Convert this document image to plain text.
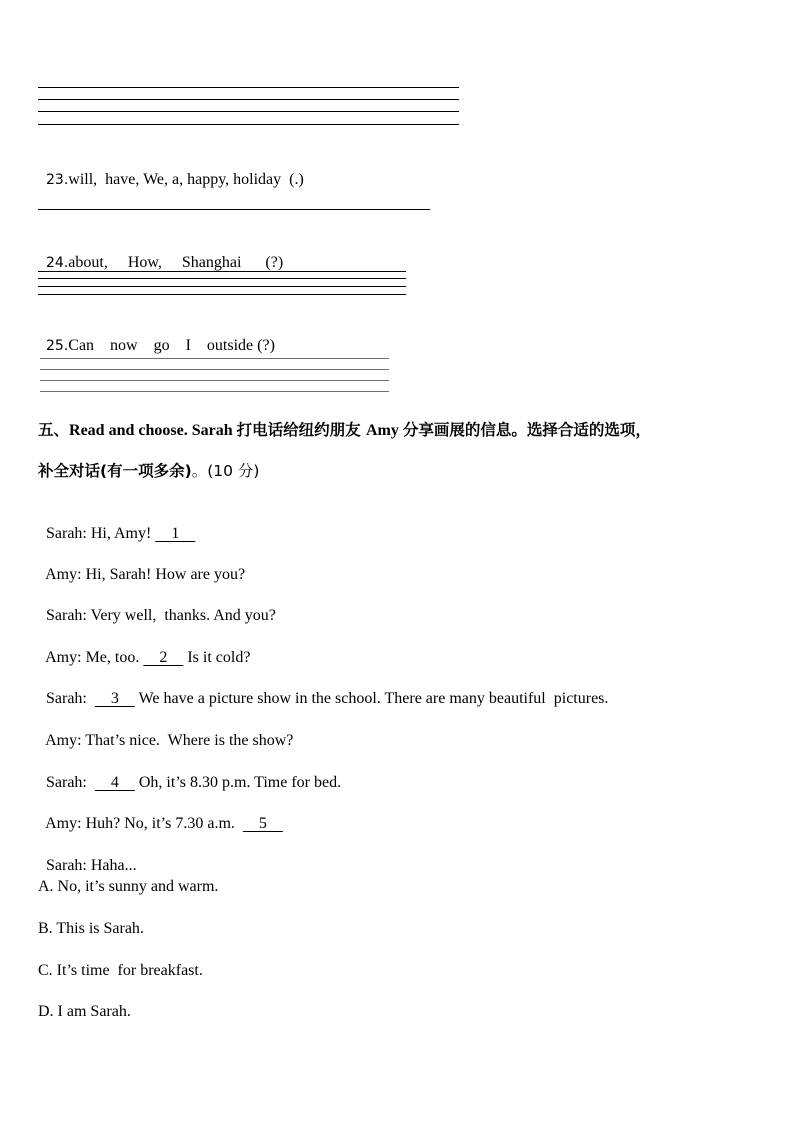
23.will,  have, We, a, happy, holiday  (.)

24.about,     How,     Shanghai      (?)

25.Can    now    go    I    outside (?)

五、Read and choose. Sarah 打电话给纽约朋友 Amy 分享画展的信息。选择合适的选项，
补全对话(有一项多余)。(10 分)

Sarah: Hi, Amy!     1

Amy: Hi, Sarah! How are you?

Sarah: Very well,  thanks. And you?

Amy: Me, too.     2     Is it cold?

Sarah:      3     We have a picture show in the school. There are many beautiful  pictures.

Amy: That’s nice.  Where is the show?

Sarah:      4     Oh, it’s 8.30 p.m. Time for bed.

Amy: Huh? No, it’s 7.30 a.m.      5

Sarah: Haha...

A. No, it’s sunny and warm.
B. This is Sarah.
C. It’s time  for breakfast.
D. I am Sarah.
